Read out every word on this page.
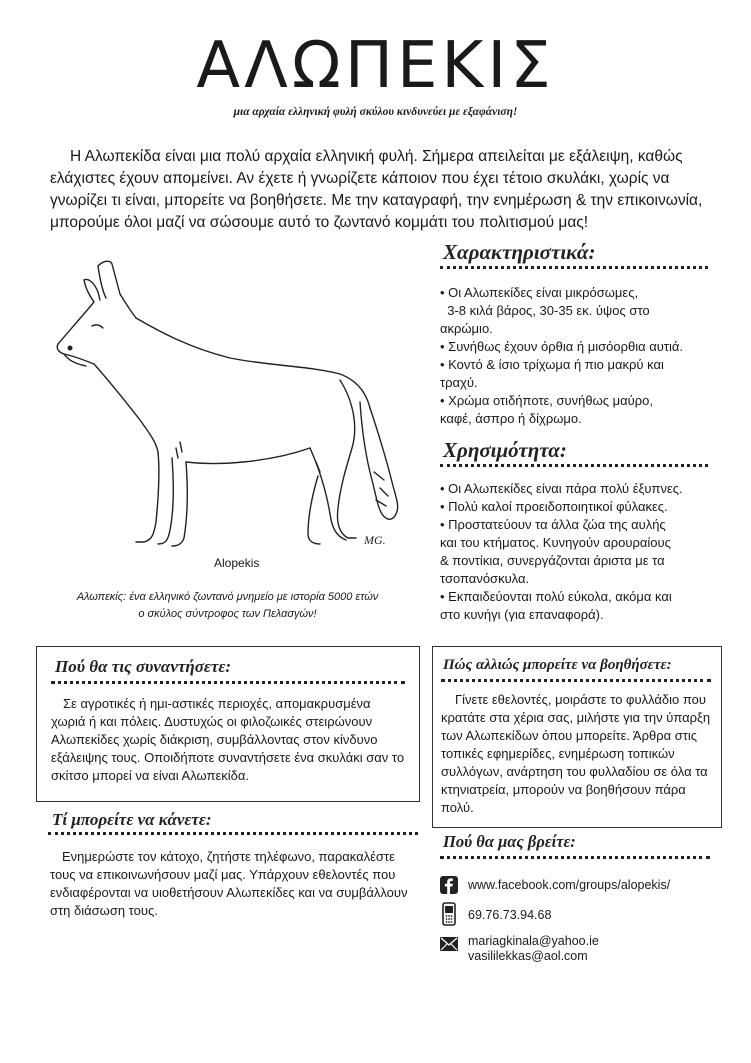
ΑΛΩΠΕΚΙΣ
μια αρχαία ελληνική φυλή σκύλου κινδυνεύει με εξαφάνιση!
Η Αλωπεκίδα είναι μια πολύ αρχαία ελληνική φυλή. Σήμερα απειλείται με εξάλειψη, καθώς ελάχιστες έχουν απομείνει. Αν έχετε ή γνωρίζετε κάποιον που έχει τέτοιο σκυλάκι, χωρίς να γνωρίζει τι είναι, μπορείτε να βοηθήσετε. Με την καταγραφή, την ενημέρωση & την επικοινωνία, μπορούμε όλοι μαζί να σώσουμε αυτό το ζωντανό κομμάτι του πολιτισμού μας!
MG.
Alopekis
Αλωπεκίς: ένα ελληνικό ζωντανό μνημείο με ιστορία 5000 ετών
ο σκύλος σύντροφος των Πελασγών!
Χαρακτηριστικά:
• Οι Αλωπεκίδες είναι μικρόσωμες,
3-8 κιλά βάρος, 30-35 εκ. ύψος στο
ακρώμιο.
• Συνήθως έχουν όρθια ή μισόορθια αυτιά.
• Κοντό & ίσιο τρίχωμα ή πιο μακρύ και
τραχύ.
• Χρώμα οτιδήποτε, συνήθως μαύρο,
καφέ, άσπρο ή δίχρωμο.
Χρησιμότητα:
• Οι Αλωπεκίδες είναι πάρα πολύ έξυπνες.
• Πολύ καλοί προειδοποιητικοί φύλακες.
• Προστατεύουν τα άλλα ζώα της αυλής
και του κτήματος. Κυνηγούν αρουραίους
& ποντίκια, συνεργάζονται άριστα με τα
τσοπανόσκυλα.
• Εκπαιδεύονται πολύ εύκολα, ακόμα και
στο κυνήγι (για επαναφορά).
Πού θα τις συναντήσετε:
Σε αγροτικές ή ημι-αστικές περιοχές, απομακρυσμένα χωριά ή και πόλεις. Δυστυχώς οι φιλοζωικές στειρώνουν Αλωπεκίδες χωρίς διάκριση, συμβάλλοντας στον κίνδυνο εξάλειψης τους. Οποιδήποτε συναντήσετε ένα σκυλάκι σαν το σκίτσο μπορεί να είναι Αλωπεκίδα.
Τί μπορείτε να κάνετε:
Ενημερώστε τον κάτοχο, ζητήστε τηλέφωνο, παρακαλέστε τους να επικοινωνήσουν μαζί μας. Υπάρχουν εθελοντές που ενδιαφέρονται να υιοθετήσουν Αλωπεκίδες και να συμβάλλουν στη διάσωση τους.
Πώς αλλιώς μπορείτε να βοηθήσετε:
Γίνετε εθελοντές, μοιράστε το φυλλάδιο που κρατάτε στα χέρια σας, μιλήστε για την ύπαρξη των Αλωπεκίδων όπου μπορείτε. Άρθρα στις τοπικές εφημερίδες, ενημέρωση τοπικών συλλόγων, ανάρτηση του φυλλαδίου σε όλα τα κτηνιατρεία, μπορούν να βοηθήσουν πάρα πολύ.
Πού θα μας βρείτε:
www.facebook.com/groups/alopekis/
69.76.73.94.68
mariagkinala@yahoo.ie
vasililekkas@aol.com
